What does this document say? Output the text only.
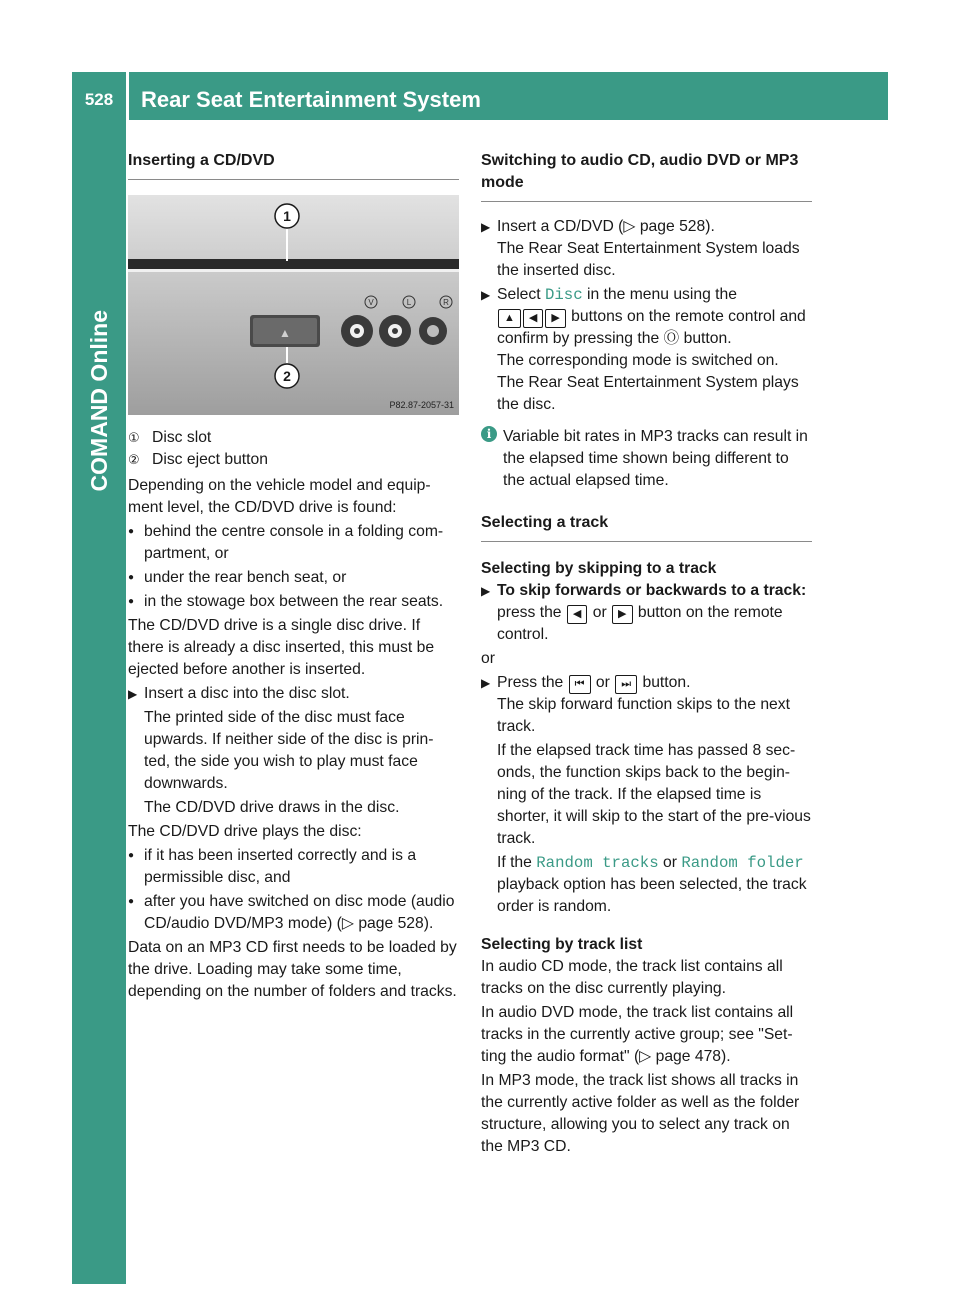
528	Rear Seat Entertainment System
COMAND Online
Inserting a CD/DVD
▲
V	L	R
1
2
P82.87-2057-31
① Disc slot
② Disc eject button

Depending on the vehicle model and equip-ment level, the CD/DVD drive is found:

● behind the centre console in a folding com-partment, or
● under the rear bench seat, or
● in the stowage box between the rear seats.

The CD/DVD drive is a single disc drive. If there is already a disc inserted, this must be ejected before another is inserted.

▶ Insert a disc into the disc slot.

The printed side of the disc must face upwards. If neither side of the disc is prin-ted, the side you wish to play must face downwards.

The CD/DVD drive draws in the disc.

The CD/DVD drive plays the disc:

● if it has been inserted correctly and is a permissible disc, and
● after you have switched on disc mode (audio CD/audio DVD/MP3 mode) (▷ page 528).

Data on an MP3 CD first needs to be loaded by the drive. Loading may take some time, depending on the number of folders and tracks.

Switching to audio CD, audio DVD or MP3 mode
▶ Insert a CD/DVD (▷ page 528).
The Rear Seat Entertainment System loads the inserted disc.
▶ Select Disc in the menu using the
▲ ◀ ▶ buttons on the remote control and confirm by pressing the Ⓞ button.
The corresponding mode is switched on.
The Rear Seat Entertainment System plays the disc.
i Variable bit rates in MP3 tracks can result in the elapsed time shown being different to the actual elapsed time.
Selecting a track
Selecting by skipping to a track
▶ To skip forwards or backwards to a track: press the ◀ or ▶ button on the remote control.

or

▶ Press the ⏮ or ⏭ button.
The skip forward function skips to the next track.

If the elapsed track time has passed 8 sec-onds, the function skips back to the begin-ning of the track. If the elapsed time is shorter, it will skip to the start of the pre-vious track.

If the Random tracks or Random folder playback option has been selected, the track order is random.

Selecting by track list

In audio CD mode, the track list contains all tracks on the disc currently playing.

In audio DVD mode, the track list contains all tracks in the currently active group; see "Set-ting the audio format" (▷ page 478).

In MP3 mode, the track list shows all tracks in the currently active folder as well as the folder structure, allowing you to select any track on the MP3 CD.
